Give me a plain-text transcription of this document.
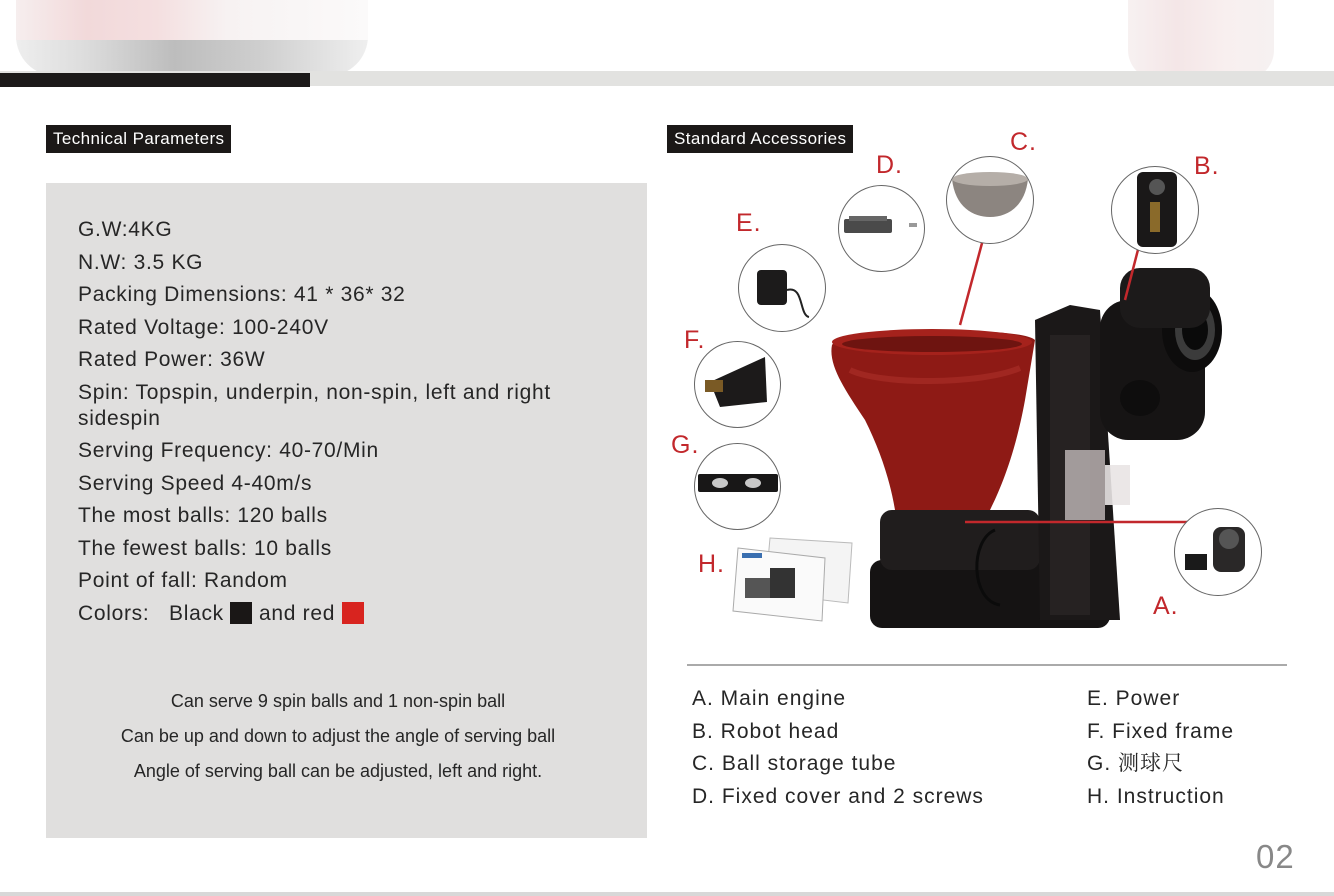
Technical Parameters	Standard Accessories
G.W:4KG
N.W: 3.5 KG
Packing Dimensions: 41 * 36* 32
Rated Voltage: 100-240V
Rated Power: 36W
Spin: Topspin, underpin, non-spin, left and right sidespin
Serving Frequency: 40-70/Min
Serving Speed 4-40m/s
The most balls: 120 balls
The fewest balls: 10 balls
Point of fall: Random
Colors:   Black and red
Can serve 9 spin balls and 1 non-spin ball
Can be up and down to adjust the angle of serving ball
Angle of serving ball can be adjusted, left and right.
A.
B.
C.
D.
E.
F.
G.
H.
A. Main engine
B. Robot head
C. Ball storage tube
D. Fixed cover and 2 screws
E. Power
F. Fixed frame
G. 测球尺
H. Instruction
02
